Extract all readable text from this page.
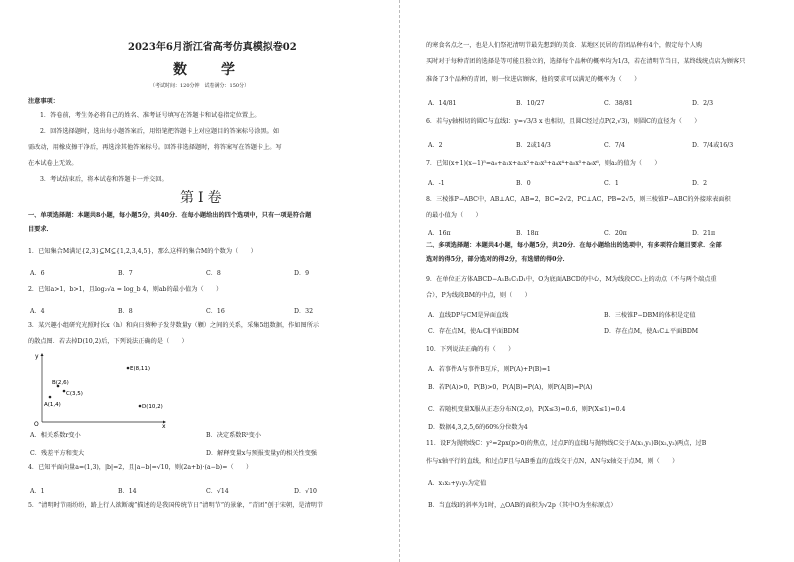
2023年6月浙江省高考仿真模拟卷02
数　学
（考试时间：120分钟　试卷满分：150分）
注意事项：
1．答卷前，考生务必将自己的姓名、准考证号填写在答题卡和试卷指定位置上。
2．回答选择题时，选出每小题答案后，用铅笔把答题卡上对应题目的答案标号涂黑。如
需改动，用橡皮擦干净后，再选涂其他答案标号。回答非选择题时，将答案写在答题卡上。写
在本试卷上无效。
3．考试结束后，将本试卷和答题卡一并交回。
第Ⅰ卷
一、单项选择题：本题共8小题，每小题5分，共40分．在每小题给出的四个选项中，只有一项是符合题
目要求．
1．已知集合M满足{2,3}⊆M⊆{1,2,3,4,5}，那么这样的集合M的个数为（　　）
A．6	B．7	C．8	D．9
2．已知a>1，b>1，且log₂√a = log_b 4，则ab的最小值为（　　）
A．4	B．8	C．16	D．32
3．某兴趣小组研究光照时长x（h）和向日葵种子发芽数量y（颗）之间的关系，采集5组数据，作如图所示
的散点图．若去掉D(10,2)后，下列说法正确的是（　　）
O	x
y
E(8,11)
B(2,6)
C(3,5)
A(1,4)	D(10,2)
A．相关系数r变小	B．决定系数R²变小
C．残差平方和变大	D．解释变量x与预报变量y的相关性变强
4．已知平面向量a=(1,3)，|b|=2，且|a−b|=√10，则(2a+b)·(a−b)=（　　）
A．1	B．14	C．√14	D．√10
5．“清明时节雨纷纷，路上行人欲断魂”描述的是我国传统节日“清明节”的景象，“青团”创于宋朝，是清明节
的寒食名点之一，也是人们祭祀清明节最先想到的美食．某地区民居的青团品种有4个，假定每个人购
买时对于每种青团的选择是等可能且独立的，选择每个品种的概率均为1/3，若在清明节当日，某终线统点店为顾客只
准备了3个品种的青团，则一位进店顾客，他的要求可以满足的概率为（　　）
A．14/81	B．10/27	C．38/81	D．2/3
6．若与y轴相切的圆C与直线l：y=√3/3 x 也相切，且圆C经过点P(2,√3)，则圆C的直径为（　　）
A．2	B．2或14/3	C．7/4	D．7/4或16/3
7．已知(x+1)(x−1)⁵=a₀+a₁x+a₂x²+a₃x³+a₄x⁴+a₅x⁵+a₆x⁶，则a₂的值为（　　）
A．-1	B．0	C．1	D．2
8．三棱锥P−ABC中，AB⊥AC，AB=2，BC=2√2，PC⊥AC，PB=2√5，则三棱锥P−ABC的外接球表面积
的最小值为（　　）
A．16π	B．18π	C．20π	D．21π
二、多项选择题：本题共4小题，每小题5分，共20分．在每小题给出的选项中，有多项符合题目要求．全部
选对的得5分，部分选对的得2分，有选错的得0分．
9．在单位正方体ABCD−A₁B₁C₁D₁中，O为底面ABCD的中心，M为线段CC₁上的动点（不与两个端点重
合），P为线段BM的中点，则（　　）
A．直线DP与CM是异面直线	B．三棱锥P−DBM的体积是定值
C．存在点M，使A₁C∥平面BDM	D．存在点M，使A₁C⊥平面BDM
10．下列说法正确的有（　　）
A．若事件A与事件B互斥，则P(A)+P(B)=1
B．若P(A)>0，P(B)>0，P(A|B)=P(A)，则P(A|B)=P(A)
C．若随机变量X服从正态分布N(2,σ)，P(X≤3)=0.6，则P(X≤1)=0.4
D．数据4,3,2,5,6的60%分位数为4
11．设F为抛物线C：y²=2px(p>0)的焦点，过点F的直线l与抛物线C交于A(x₁,y₁)B(x₂,y₂)两点，过B
作与x轴平行的直线，和过点F且与AB垂直的直线交于点N，AN与x轴交于点M，则（　　）
A．x₁x₂+y₁y₂为定值
B．当直线l的斜率为1时，△OAB的面积为√2p（其中O为坐标原点）
